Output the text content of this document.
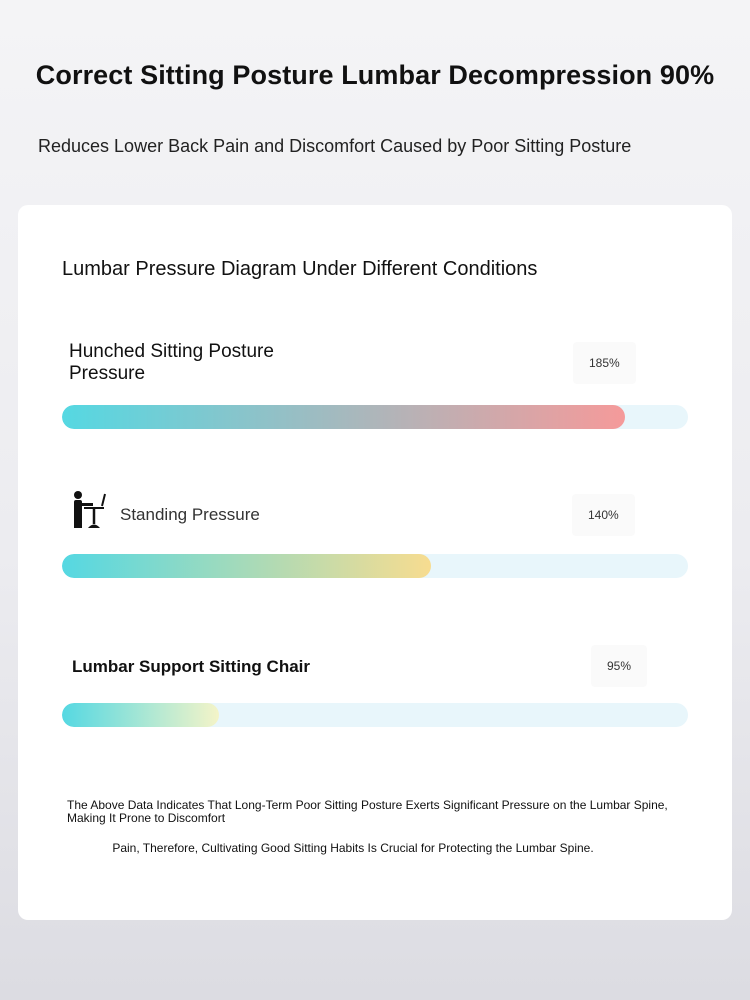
Correct Sitting Posture Lumbar Decompression 90%
Reduces Lower Back Pain and Discomfort Caused by Poor Sitting Posture
Lumbar Pressure Diagram Under Different Conditions
Hunched Sitting Posture Pressure	185%
Standing Pressure	140%
Lumbar Support Sitting Chair	95%
The Above Data Indicates That Long-Term Poor Sitting Posture Exerts Significant Pressure on the Lumbar Spine, Making It Prone to Discomfort
Pain, Therefore, Cultivating Good Sitting Habits Is Crucial for Protecting the Lumbar Spine.
